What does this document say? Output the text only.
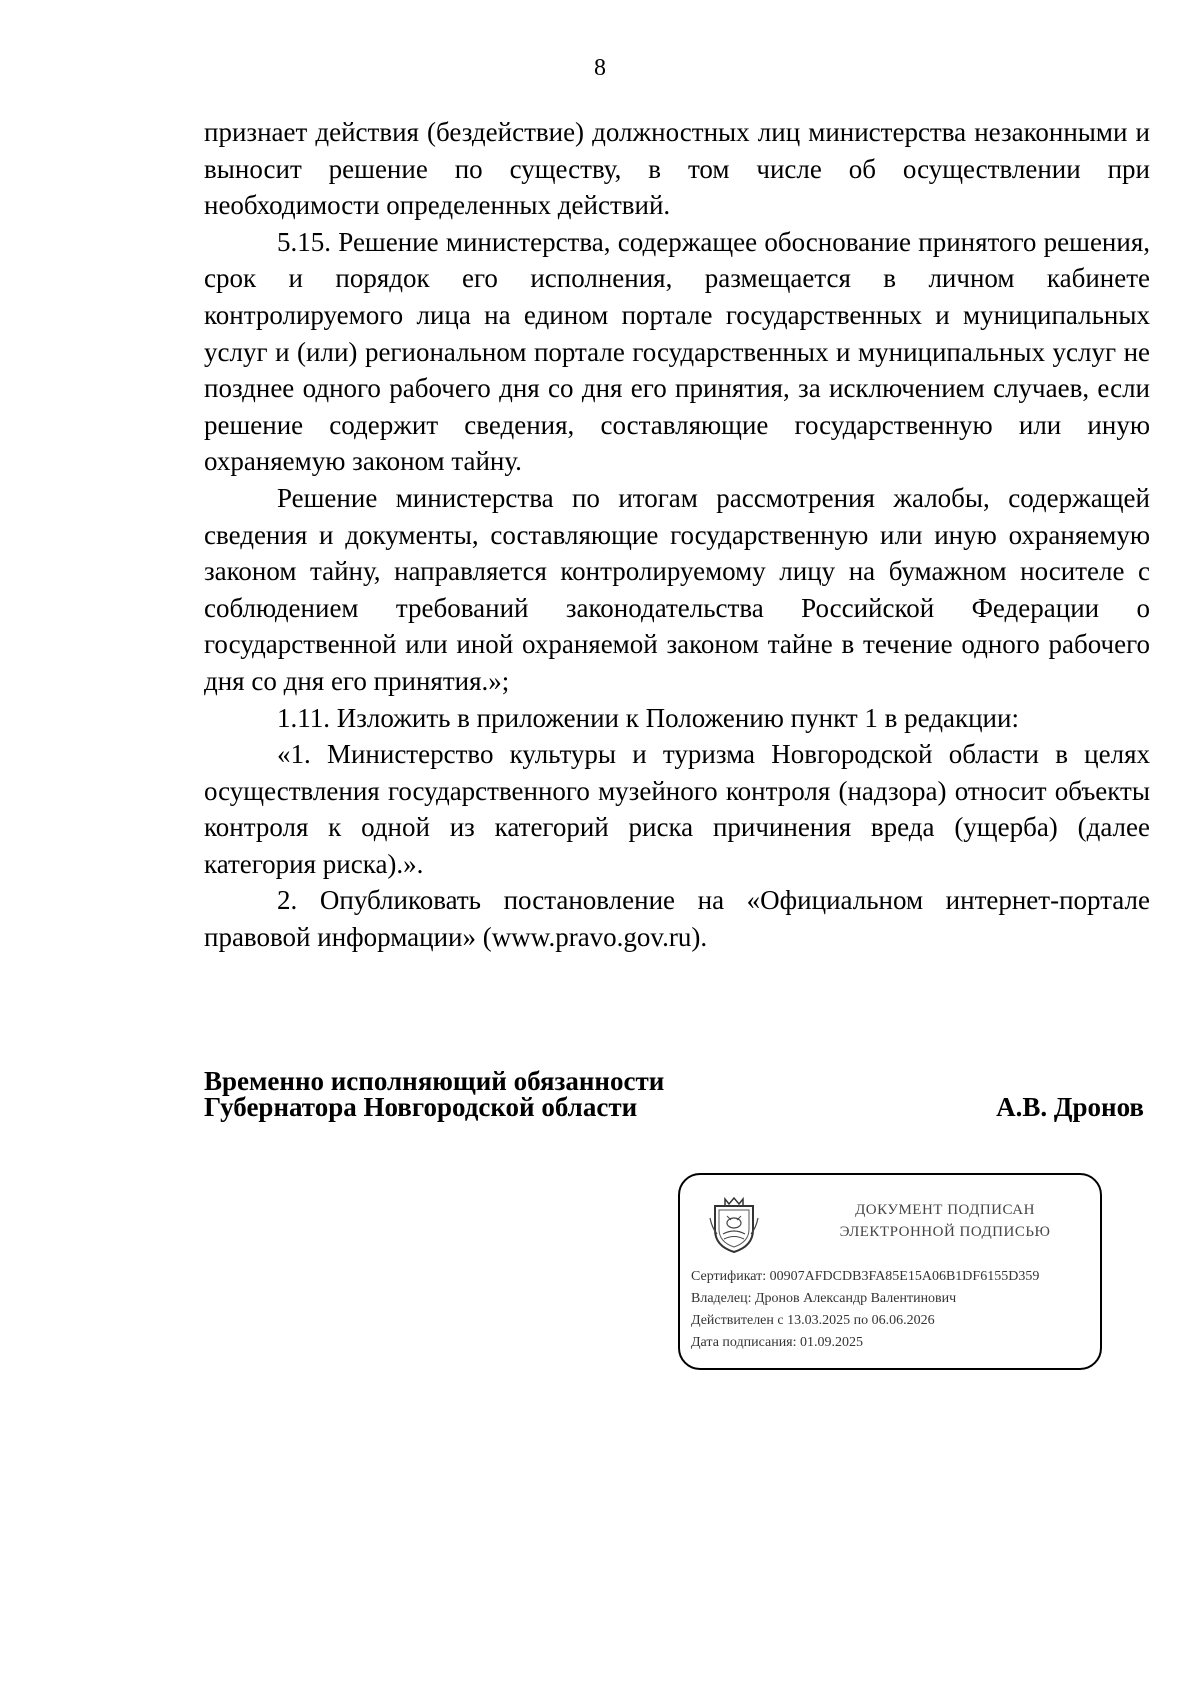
8

признает действия (бездействие) должностных лиц министерства незаконными и выносит решение по существу, в том числе об осуществлении при необходимости определенных действий.

5.15. Решение министерства, содержащее обоснование принятого решения, срок и порядок его исполнения, размещается в личном кабинете контролируемого лица на едином портале государственных и муниципальных услуг и (или) региональном портале государственных и муниципальных услуг не позднее одного рабочего дня со дня его принятия, за исключением случаев, если решение содержит сведения, составляющие государственную или иную охраняемую законом тайну.

Решение министерства по итогам рассмотрения жалобы, содержащей сведения и документы, составляющие государственную или иную охраняемую законом тайну, направляется контролируемому лицу на бумажном носителе с соблюдением требований законодательства Российской Федерации о государственной или иной охраняемой законом тайне в течение одного рабочего дня со дня его принятия.»;

1.11. Изложить в приложении к Положению пункт 1 в редакции:

«1. Министерство культуры и туризма Новгородской области в целях осуществления государственного музейного контроля (надзора) относит объекты контроля к одной из категорий риска причинения вреда (ущерба) (далее категория риска).».

2. Опубликовать постановление на «Официальном интернет-портале правовой информации» (www.pravo.gov.ru).

Временно исполняющий обязанности
Губернатора Новгородской области	А.В. Дронов
ДОКУМЕНТ ПОДПИСАН
ЭЛЕКТРОННОЙ ПОДПИСЬЮ
Сертификат: 00907AFDCDB3FA85E15A06B1DF6155D359
Владелец: Дронов Александр Валентинович
Действителен с 13.03.2025 по 06.06.2026
Дата подписания: 01.09.2025
